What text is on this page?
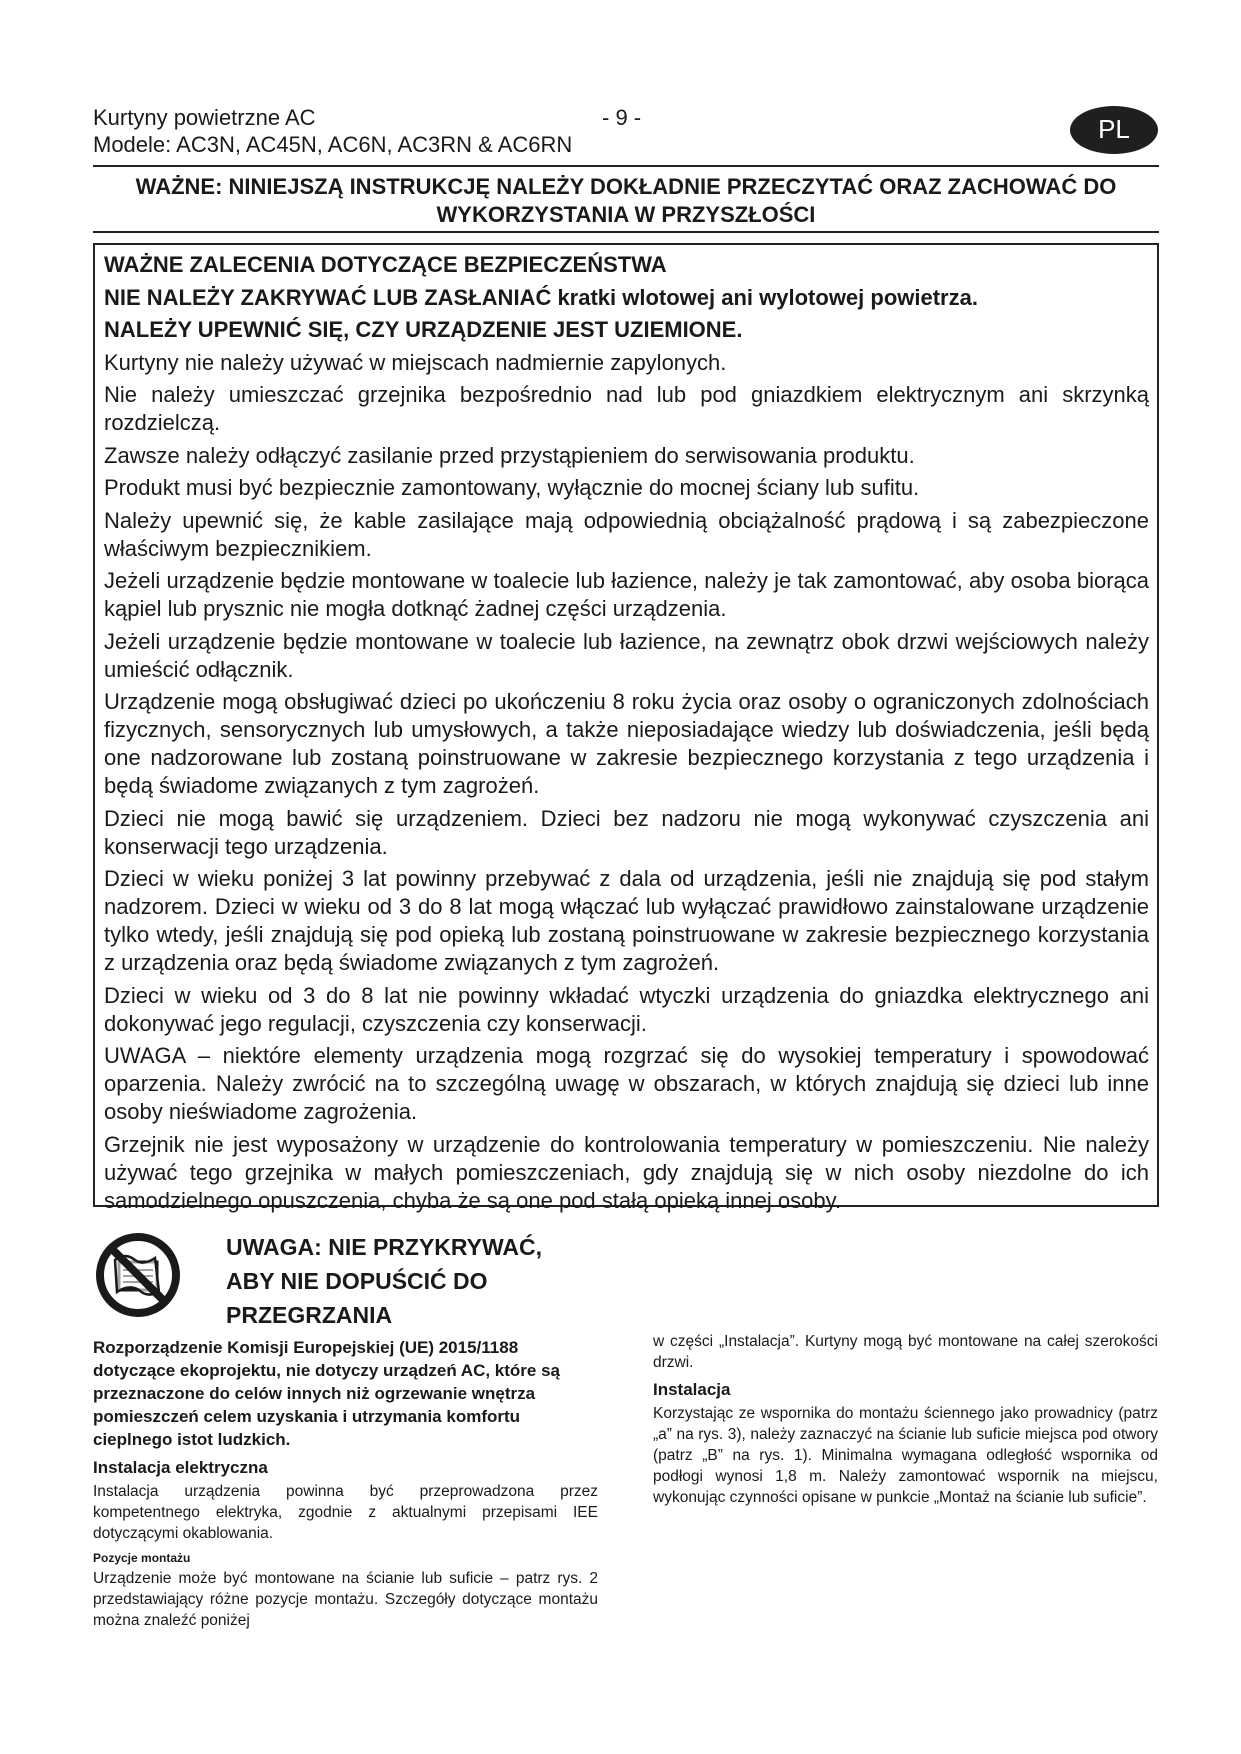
Kurtyny powietrzne AC	- 9 -
Modele: AC3N, AC45N, AC6N, AC3RN & AC6RN
PL
WAŻNE: NINIEJSZĄ INSTRUKCJĘ NALEŻY DOKŁADNIE PRZECZYTAĆ ORAZ ZACHOWAĆ DO
WYKORZYSTANIA W PRZYSZŁOŚCI

WAŻNE ZALECENIA DOTYCZĄCE BEZPIECZEŃSTWA

NIE NALEŻY ZAKRYWAĆ LUB ZASŁANIAĆ kratki wlotowej ani wylotowej powietrza.

NALEŻY UPEWNIĆ SIĘ, CZY URZĄDZENIE JEST UZIEMIONE.

Kurtyny nie należy używać w miejscach nadmiernie zapylonych.

Nie należy umieszczać grzejnika bezpośrednio nad lub pod gniazdkiem elektrycznym ani skrzynką rozdzielczą.

Zawsze należy odłączyć zasilanie przed przystąpieniem do serwisowania produktu.

Produkt musi być bezpiecznie zamontowany, wyłącznie do mocnej ściany lub sufitu.

Należy upewnić się, że kable zasilające mają odpowiednią obciążalność prądową i są zabezpieczone właściwym bezpiecznikiem.

Jeżeli urządzenie będzie montowane w toalecie lub łazience, należy je tak zamontować, aby osoba biorąca kąpiel lub prysznic nie mogła dotknąć żadnej części urządzenia.

Jeżeli urządzenie będzie montowane w toalecie lub łazience, na zewnątrz obok drzwi wejściowych należy umieścić odłącznik.

Urządzenie mogą obsługiwać dzieci po ukończeniu 8 roku życia oraz osoby o ograniczonych zdolnościach fizycznych, sensorycznych lub umysłowych, a także nieposiadające wiedzy lub doświadczenia, jeśli będą one nadzorowane lub zostaną poinstruowane w zakresie bezpiecznego korzystania z tego urządzenia i będą świadome związanych z tym zagrożeń.

Dzieci nie mogą bawić się urządzeniem. Dzieci bez nadzoru nie mogą wykonywać czyszczenia ani konserwacji tego urządzenia.

Dzieci w wieku poniżej 3 lat powinny przebywać z dala od urządzenia, jeśli nie znajdują się pod stałym nadzorem. Dzieci w wieku od 3 do 8 lat mogą włączać lub wyłączać prawidłowo zainstalowane urządzenie tylko wtedy, jeśli znajdują się pod opieką lub zostaną poinstruowane w zakresie bezpiecznego korzystania z urządzenia oraz będą świadome związanych z tym zagrożeń.

Dzieci w wieku od 3 do 8 lat nie powinny wkładać wtyczki urządzenia do gniazdka elektrycznego ani dokonywać jego regulacji, czyszczenia czy konserwacji.

UWAGA – niektóre elementy urządzenia mogą rozgrzać się do wysokiej temperatury i spowodować oparzenia. Należy zwrócić na to szczególną uwagę w obszarach, w których znajdują się dzieci lub inne osoby nieświadome zagrożenia.

Grzejnik nie jest wyposażony w urządzenie do kontrolowania temperatury w pomieszczeniu. Nie należy używać tego grzejnika w małych pomieszczeniach, gdy znajdują się w nich osoby niezdolne do ich samodzielnego opuszczenia, chyba że są one pod stałą opieką innej osoby.

UWAGA: NIE PRZYKRYWAĆ,
ABY NIE DOPUŚCIĆ DO
PRZEGRZANIA

Rozporządzenie Komisji Europejskiej (UE) 2015/1188 dotyczące ekoprojektu, nie dotyczy urządzeń AC, które są przeznaczone do celów innych niż ogrzewanie wnętrza pomieszczeń celem uzyskania i utrzymania komfortu cieplnego istot ludzkich.

Instalacja elektryczna

Instalacja urządzenia powinna być przeprowadzona przez kompetentnego elektryka, zgodnie z aktualnymi przepisami IEE dotyczącymi okablowania.

Pozycje montażu

Urządzenie może być montowane na ścianie lub suficie – patrz rys. 2 przedstawiający różne pozycje montażu. Szczegóły dotyczące montażu można znaleźć poniżej

w części „Instalacja”. Kurtyny mogą być montowane na całej szerokości drzwi.

Instalacja

Korzystając ze wspornika do montażu ściennego jako prowadnicy (patrz „a” na rys. 3), należy zaznaczyć na ścianie lub suficie miejsca pod otwory (patrz „B” na rys. 1). Minimalna wymagana odległość wspornika od podłogi wynosi 1,8 m. Należy zamontować wspornik na miejscu, wykonując czynności opisane w punkcie „Montaż na ścianie lub suficie”.
